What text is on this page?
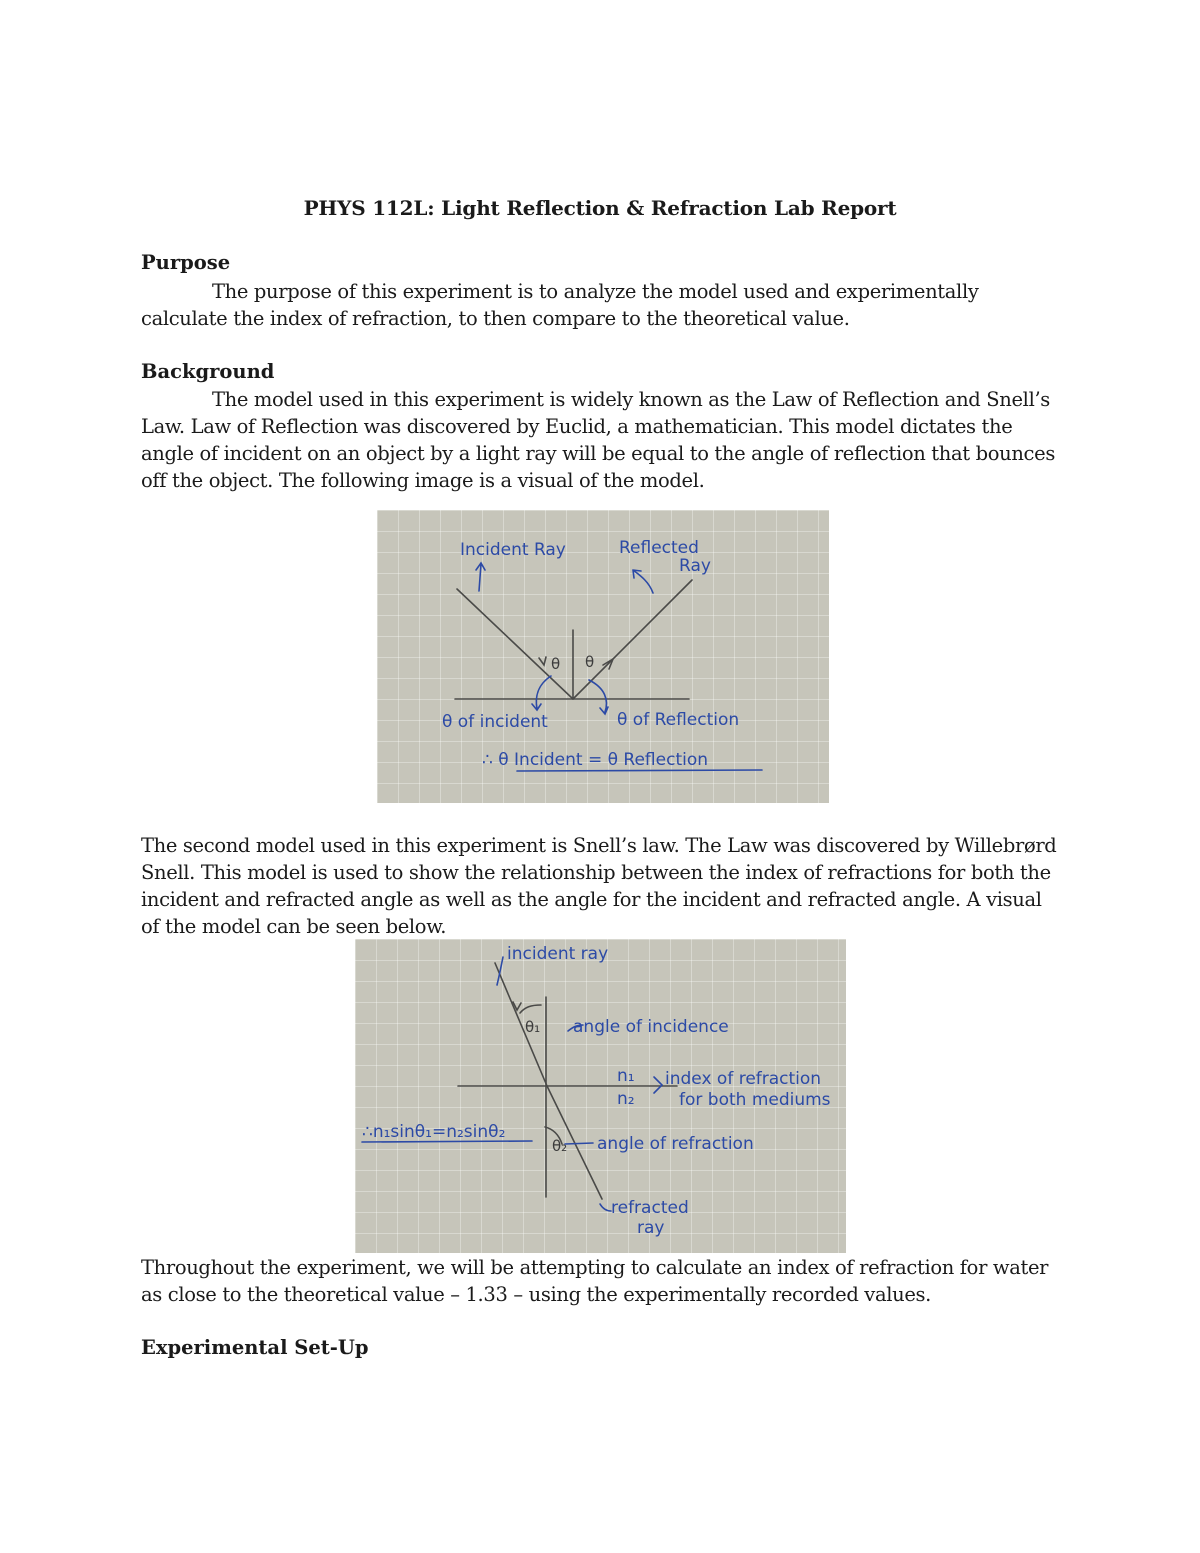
PHYS 112L: Light Reflection & Refraction Lab Report
Purpose

The purpose of this experiment is to analyze the model used and experimentally calculate the index of refraction, to then compare to the theoretical value.

Background

The model used in this experiment is widely known as the Law of Reflection and Snell’s Law. Law of Reflection was discovered by Euclid, a mathematician. This model dictates the angle of incident on an object by a light ray will be equal to the angle of reflection that bounces off the object. The following image is a visual of the model.

Incident Ray	Reflected
Ray
θ θ
θ of incident	θ of Reflection
∴ θ Incident = θ Reflection

The second model used in this experiment is Snell’s law. The Law was discovered by Willebrørd Snell. This model is used to show the relationship between the index of refractions for both the incident and refracted angle as well as the angle for the incident and refracted angle. A visual of the model can be seen below.

incident ray
θ₁ angle of incidence
n₁
n₂
index of refraction
for both mediums
∴n₁sinθ₁=n₂sinθ₂
θ₂ angle of refraction
refracted
ray

Throughout the experiment, we will be attempting to calculate an index of refraction for water as close to the theoretical value – 1.33 – using the experimentally recorded values.

Experimental Set-Up
